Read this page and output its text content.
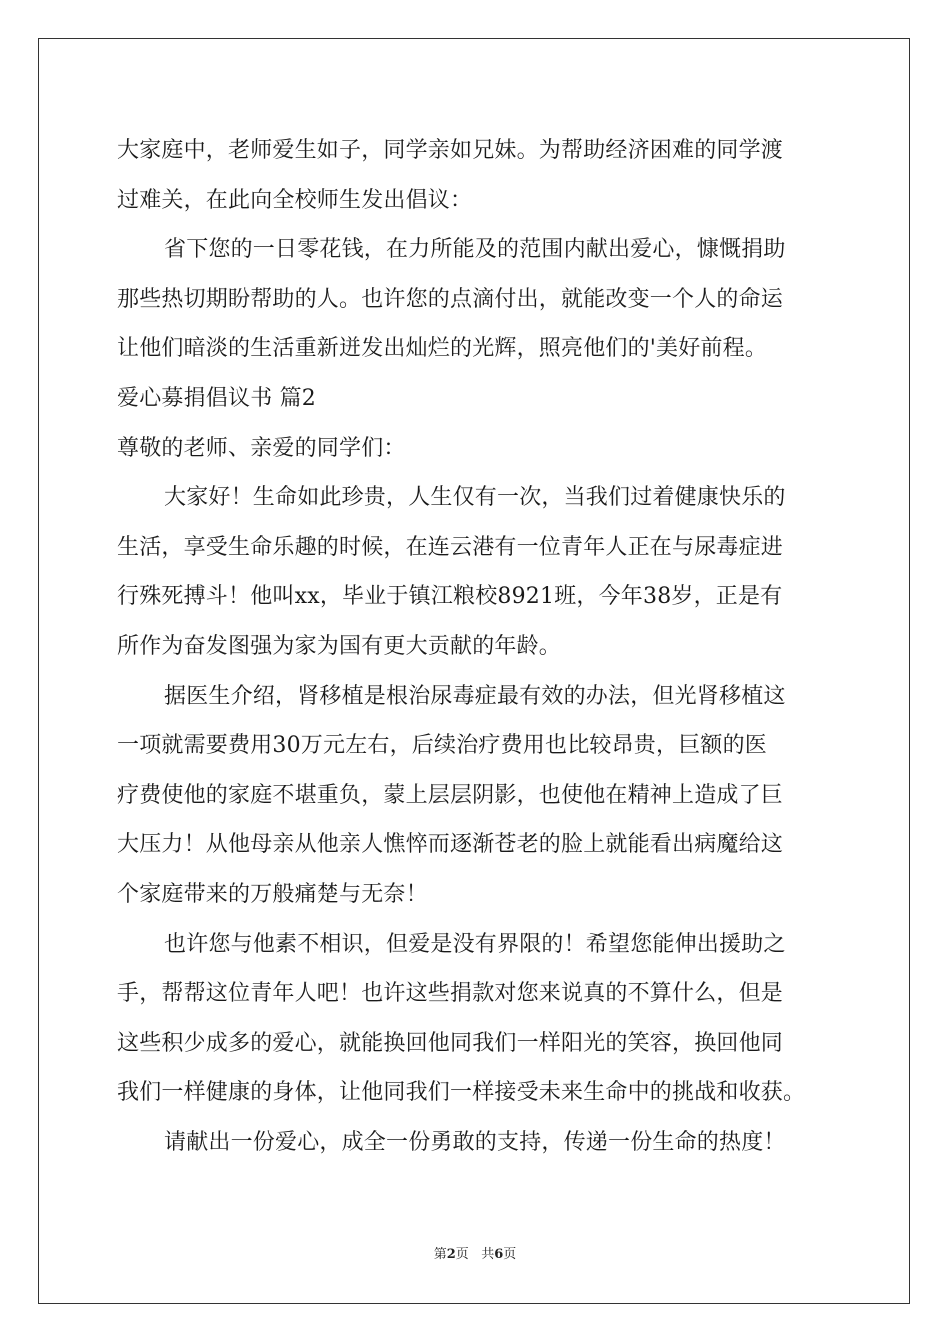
大家庭中，老师爱生如子，同学亲如兄妹。为帮助经济困难的同学渡
过难关，在此向全校师生发出倡议：
省下您的一日零花钱，在力所能及的范围内献出爱心，慷慨捐助
那些热切期盼帮助的人。也许您的点滴付出，就能改变一个人的命运
让他们暗淡的生活重新迸发出灿烂的光辉，照亮他们的'美好前程。
爱心募捐倡议书 篇2
尊敬的老师、亲爱的同学们：
大家好！生命如此珍贵，人生仅有一次，当我们过着健康快乐的
生活，享受生命乐趣的时候，在连云港有一位青年人正在与尿毒症进
行殊死搏斗！他叫xx，毕业于镇江粮校8921班，今年38岁，正是有
所作为奋发图强为家为国有更大贡献的年龄。
据医生介绍，肾移植是根治尿毒症最有效的办法，但光肾移植这
一项就需要费用30万元左右，后续治疗费用也比较昂贵，巨额的医
疗费使他的家庭不堪重负，蒙上层层阴影，也使他在精神上造成了巨
大压力！从他母亲从他亲人憔悴而逐渐苍老的脸上就能看出病魔给这
个家庭带来的万般痛楚与无奈！
也许您与他素不相识，但爱是没有界限的！希望您能伸出援助之
手，帮帮这位青年人吧！也许这些捐款对您来说真的不算什么，但是
这些积少成多的爱心，就能换回他同我们一样阳光的笑容，换回他同
我们一样健康的身体，让他同我们一样接受未来生命中的挑战和收获。
请献出一份爱心，成全一份勇敢的支持，传递一份生命的热度！
第2页 共6页
